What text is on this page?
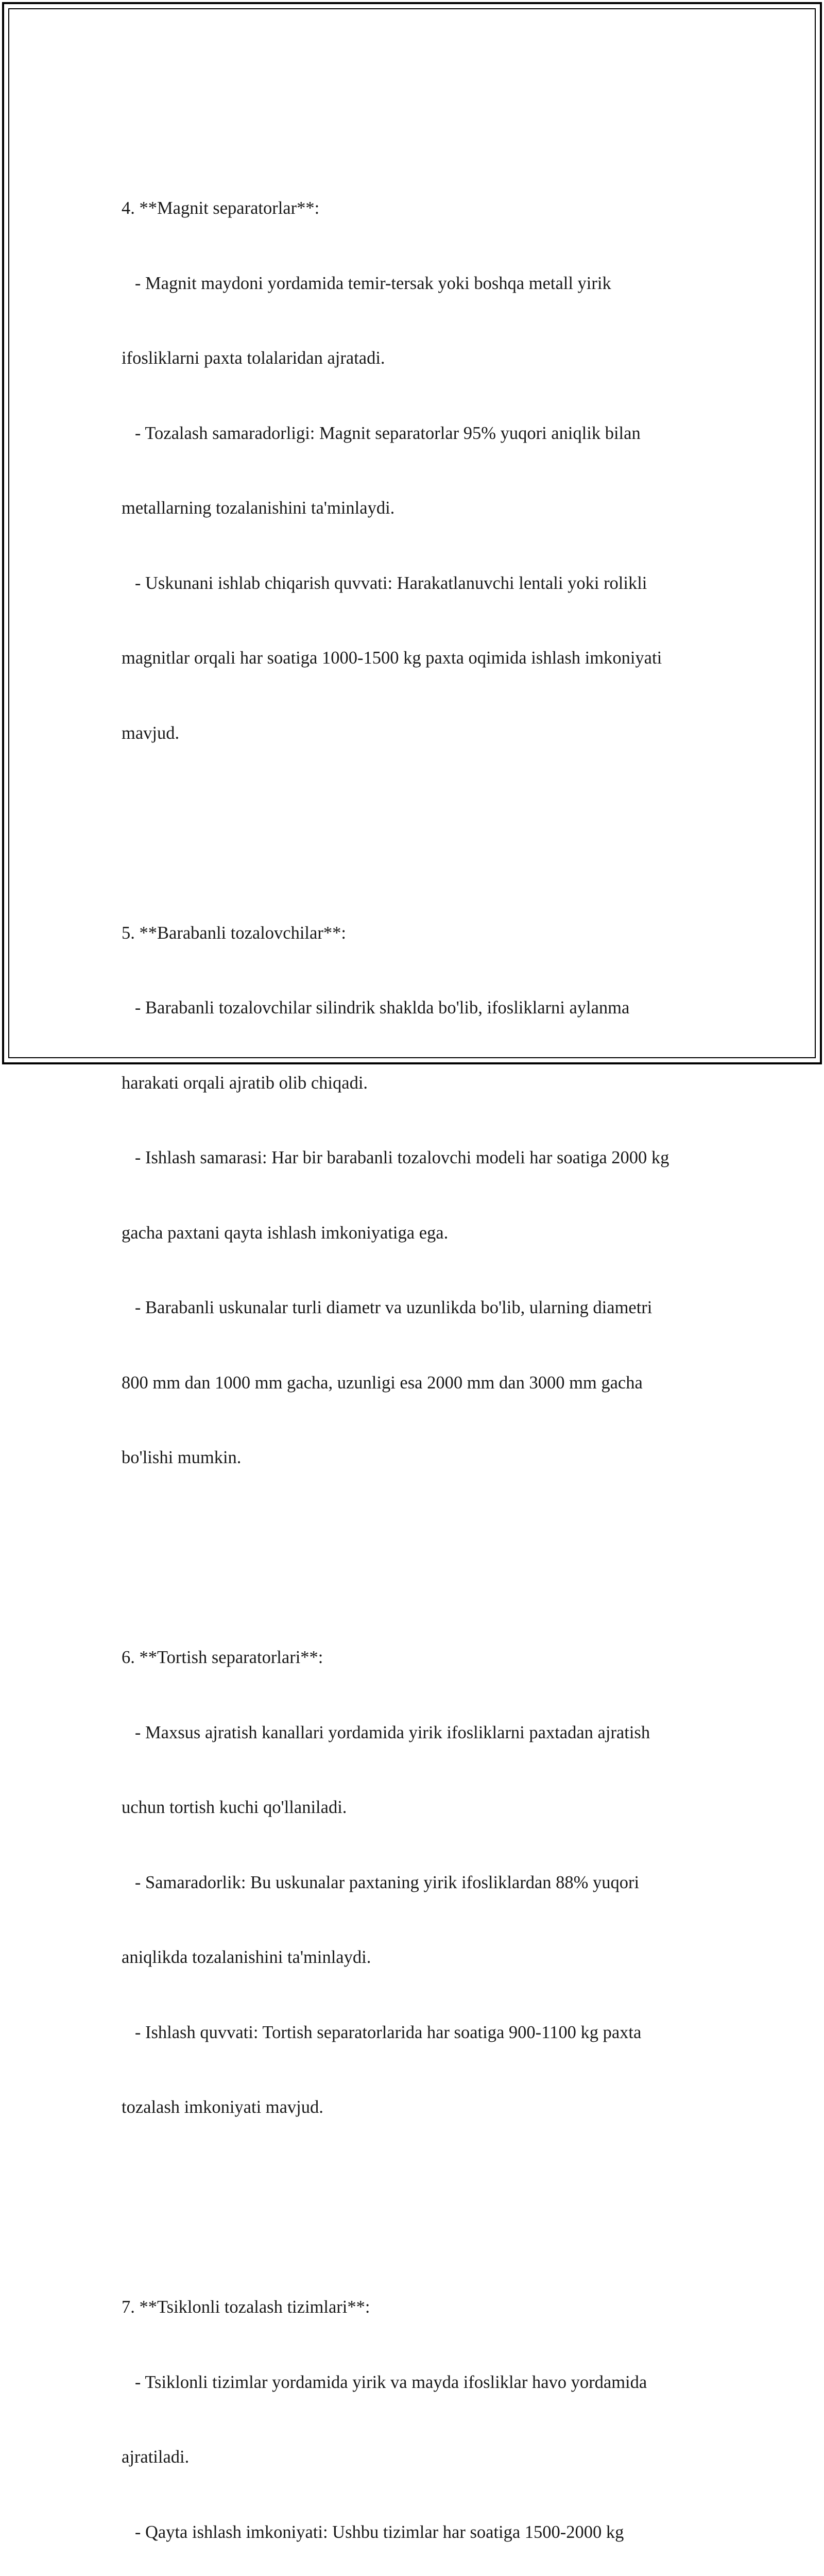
4. **Magnit separatorlar**:

- Magnit maydoni yordamida temir-tersak yoki boshqa metall yirik

ifosliklarni paxta tolalaridan ajratadi.

- Tozalash samaradorligi: Magnit separatorlar 95% yuqori aniqlik bilan

metallarning tozalanishini ta'minlaydi.

- Uskunani ishlab chiqarish quvvati: Harakatlanuvchi lentali yoki rolikli

magnitlar orqali har soatiga 1000-1500 kg paxta oqimida ishlash imkoniyati

mavjud.

5. **Barabanli tozalovchilar**:

- Barabanli tozalovchilar silindrik shaklda bo'lib, ifosliklarni aylanma

harakati orqali ajratib olib chiqadi.

- Ishlash samarasi: Har bir barabanli tozalovchi modeli har soatiga 2000 kg

gacha paxtani qayta ishlash imkoniyatiga ega.

- Barabanli uskunalar turli diametr va uzunlikda bo'lib, ularning diametri

800 mm dan 1000 mm gacha, uzunligi esa 2000 mm dan 3000 mm gacha

bo'lishi mumkin.

6. **Tortish separatorlari**:

- Maxsus ajratish kanallari yordamida yirik ifosliklarni paxtadan ajratish

uchun tortish kuchi qo'llaniladi.

- Samaradorlik: Bu uskunalar paxtaning yirik ifosliklardan 88% yuqori

aniqlikda tozalanishini ta'minlaydi.

- Ishlash quvvati: Tortish separatorlarida har soatiga 900-1100 kg paxta

tozalash imkoniyati mavjud.

7. **Tsiklonli tozalash tizimlari**:

- Tsiklonli tizimlar yordamida yirik va mayda ifosliklar havo yordamida

ajratiladi.

- Qayta ishlash imkoniyati: Ushbu tizimlar har soatiga 1500-2000 kg
